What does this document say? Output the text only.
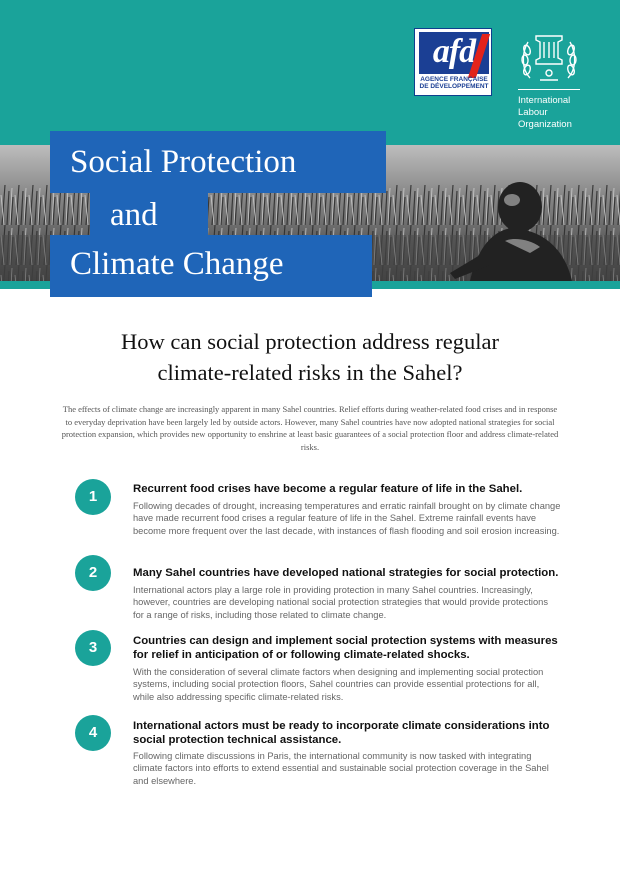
afd
AGENCE FRANÇAISE
DE DÉVELOPPEMENT
International
Labour
Organization
Social Protection
and
Climate Change
How can social protection address regular
climate-related risks in the Sahel?
The effects of climate change are increasingly apparent in many Sahel countries. Relief efforts during weather-related food crises and in response to everyday deprivation have been largely led by outside actors. However, many Sahel countries have now adopted national strategies for social protection expansion, which provides new opportunity to enshrine at least basic guarantees of a social protection floor and address climate-related risks.
1	Recurrent food crises have become a regular feature of life in the Sahel.
Following decades of drought, increasing temperatures and erratic rainfall brought on by climate change have made recurrent food crises a regular feature of life in the Sahel. Extreme rainfall events have become more frequent over the last decade, with instances of flash flooding and soil erosion increasing.
2	Many Sahel countries have developed national strategies for social protection.
International actors play a large role in providing protection in many Sahel countries. Increasingly, however, countries are developing national social protection strategies that would provide protections for a range of risks, including those related to climate change.
3	Countries can design and implement social protection systems with measures for relief in anticipation of or following climate-related shocks.
With the consideration of several climate factors when designing and implementing social protection systems, including social protection floors, Sahel countries can provide essential protections for all, while also addressing specific climate-related risks.
4	International actors must be ready to incorporate climate considerations into social protection technical assistance.
Following climate discussions in Paris, the international community is now tasked with integrating climate factors into efforts to extend essential and sustainable social protection coverage in the Sahel and elsewhere.
